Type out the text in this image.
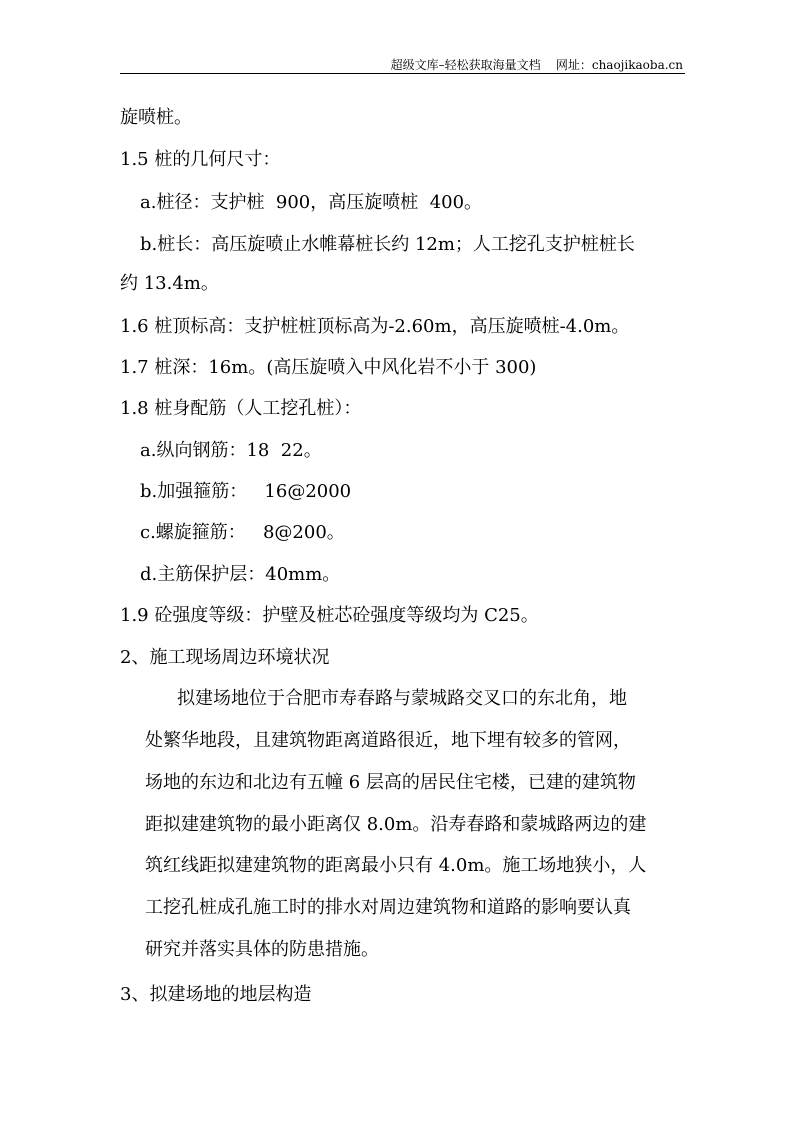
超级文库–轻松获取海量文档    网址：chaojikaoba.cn
旋喷桩。
1.5 桩的几何尺寸：
a.桩径：支护桩  900，高压旋喷桩  400。
b.桩长：高压旋喷止水帷幕桩长约 12m；人工挖孔支护桩桩长
约 13.4m。
1.6 桩顶标高：支护桩桩顶标高为-2.60m，高压旋喷桩-4.0m。
1.7 桩深：16m。(高压旋喷入中风化岩不小于 300)
1.8 桩身配筋（人工挖孔桩）：
a.纵向钢筋：18  22。
b.加强箍筋：   16@2000
c.螺旋箍筋：   8@200。
d.主筋保护层：40mm。
1.9 砼强度等级：护壁及桩芯砼强度等级均为 C25。
2、施工现场周边环境状况
拟建场地位于合肥市寿春路与蒙城路交叉口的东北角，地
处繁华地段，且建筑物距离道路很近，地下埋有较多的管网，
场地的东边和北边有五幢 6 层高的居民住宅楼，已建的建筑物
距拟建建筑物的最小距离仅 8.0m。沿寿春路和蒙城路两边的建
筑红线距拟建建筑物的距离最小只有 4.0m。施工场地狭小，人
工挖孔桩成孔施工时的排水对周边建筑物和道路的影响要认真
研究并落实具体的防患措施。
3、拟建场地的地层构造
